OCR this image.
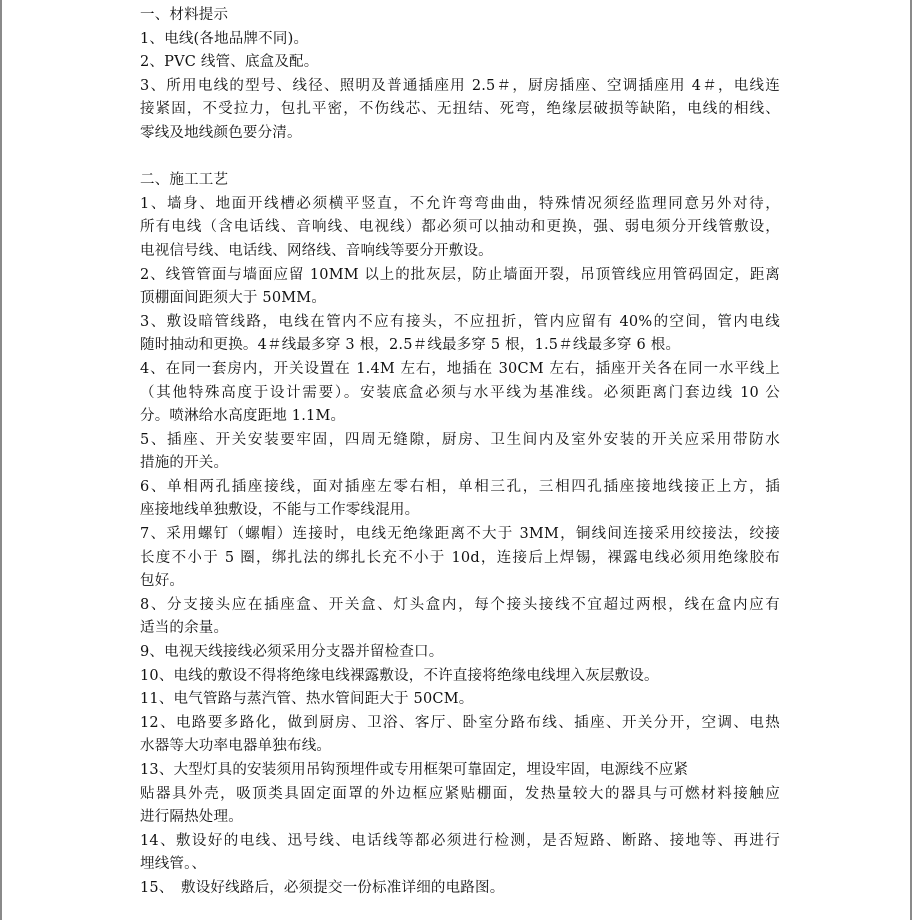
一、材料提示
1、电线(各地品牌不同)。
2、PVC 线管、底盒及配。
3、所用电线的型号、线径、照明及普通插座用 2.5＃，厨房插座、空调插座用 4＃，电线连
接紧固，不受拉力，包扎平密，不伤线芯、无扭结、死弯，绝缘层破损等缺陷，电线的相线、
零线及地线颜色要分清。
二、施工工艺
1、墙身、地面开线槽必须横平竖直，不允许弯弯曲曲，特殊情况须经监理同意另外对待，
所有电线（含电话线、音响线、电视线）都必须可以抽动和更换，强、弱电须分开线管敷设，
电视信号线、电话线、网络线、音响线等要分开敷设。
2、线管管面与墙面应留 10MM 以上的批灰层，防止墙面开裂，吊顶管线应用管码固定，距离
顶棚面间距须大于 50MM。
3、敷设暗管线路，电线在管内不应有接头，不应扭折，管内应留有 40%的空间，管内电线
随时抽动和更换。4＃线最多穿 3 根，2.5＃线最多穿 5 根，1.5＃线最多穿 6 根。
4、在同一套房内，开关设置在 1.4M 左右，地插在 30CM 左右，插座开关各在同一水平线上
（其他特殊高度于设计需要）。安装底盒必须与水平线为基准线。必须距离门套边线 10 公
分。喷淋给水高度距地 1.1M。
5、插座、开关安装要牢固，四周无缝隙，厨房、卫生间内及室外安装的开关应采用带防水
措施的开关。
6、单相两孔插座接线，面对插座左零右相，单相三孔，三相四孔插座接地线接正上方，插
座接地线单独敷设，不能与工作零线混用。
7、采用螺钉（螺帽）连接时，电线无绝缘距离不大于 3MM，铜线间连接采用绞接法，绞接
长度不小于 5 圈，绑扎法的绑扎长充不小于 10d，连接后上焊锡，裸露电线必须用绝缘胶布
包好。
8、分支接头应在插座盒、开关盒、灯头盒内，每个接头接线不宜超过两根，线在盒内应有
适当的余量。
9、电视天线接线必须采用分支器并留检查口。
10、电线的敷设不得将绝缘电线裸露敷设，不许直接将绝缘电线埋入灰层敷设。
11、电气管路与蒸汽管、热水管间距大于 50CM。
12、电路要多路化，做到厨房、卫浴、客厅、卧室分路布线、插座、开关分开，空调、电热
水器等大功率电器单独布线。
13、大型灯具的安装须用吊钩预埋件或专用框架可靠固定，埋设牢固，电源线不应紧
贴器具外壳，吸顶类具固定面罩的外边框应紧贴棚面，发热量较大的器具与可燃材料接触应
进行隔热处理。
14、敷设好的电线、迅号线、电话线等都必须进行检测，是否短路、断路、接地等、再进行
埋线管。、
15、　敷设好线路后，必须提交一份标准详细的电路图。
